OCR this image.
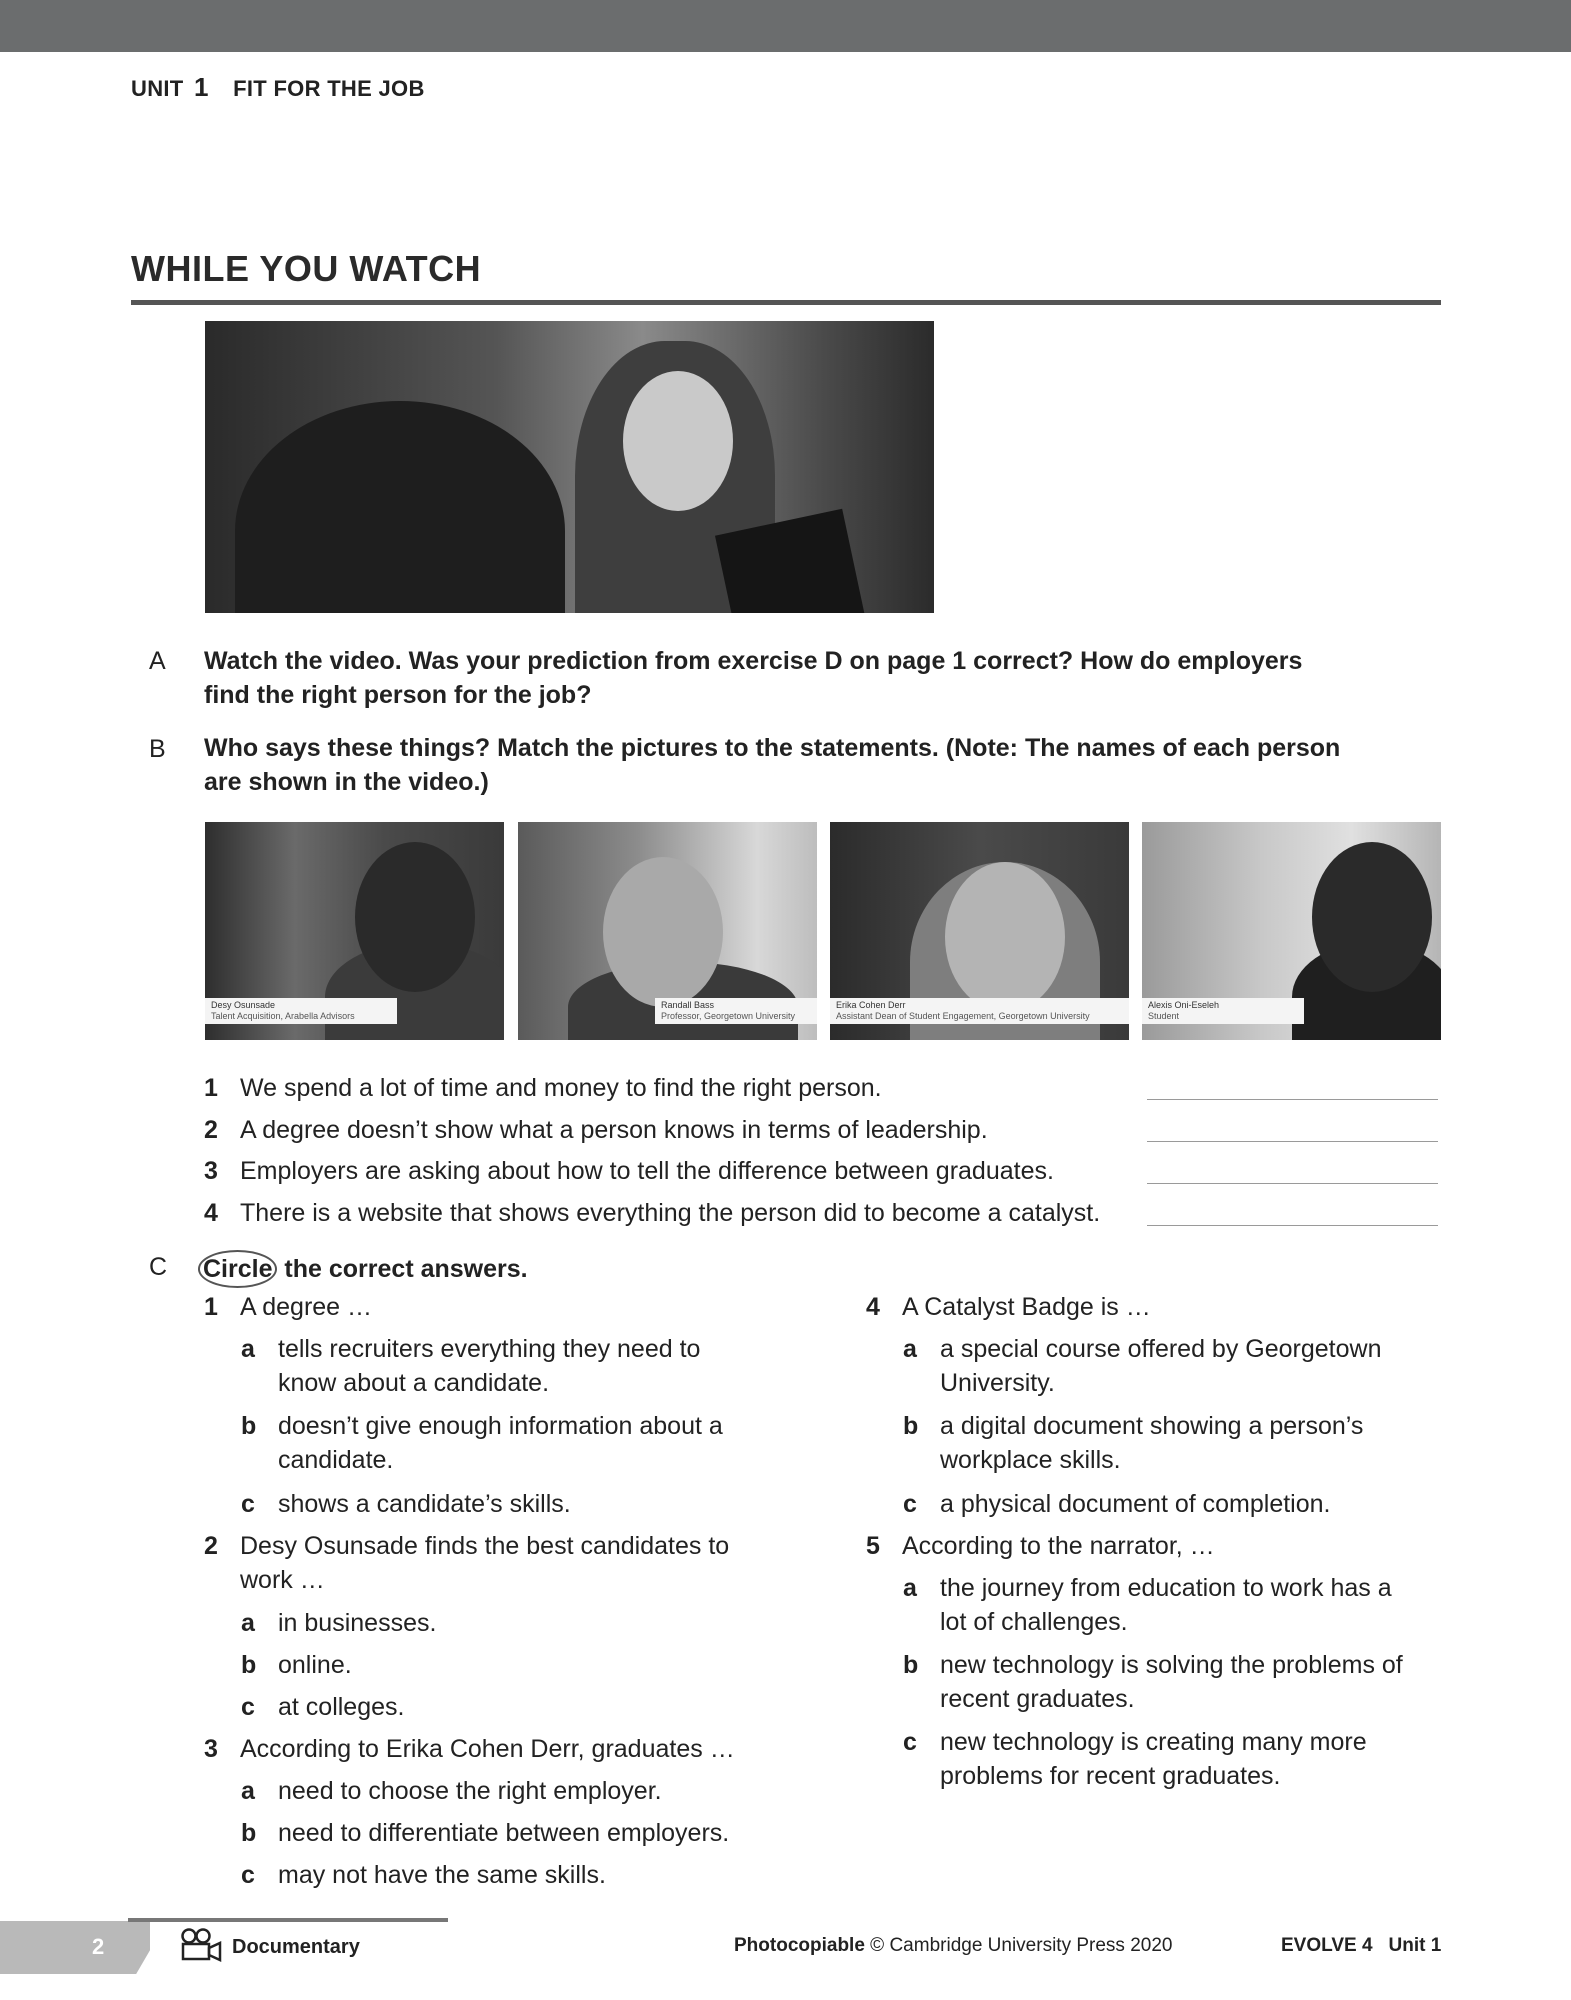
UNIT 1 FIT FOR THE JOB
WHILE YOU WATCH
A Watch the video. Was your prediction from exercise D on page 1 correct? How do employers find the right person for the job?
B Who says these things? Match the pictures to the statements. (Note: The names of each person are shown in the video.)
Desy Osunsade
Talent Acquisition, Arabella Advisors
Randall Bass
Professor, Georgetown University
Erika Cohen Derr
Assistant Dean of Student Engagement, Georgetown University
Alexis Oni-Eseleh
Student
1 We spend a lot of time and money to find the right person.
2 A degree doesn’t show what a person knows in terms of leadership.
3 Employers are asking about how to tell the difference between graduates.
4 There is a website that shows everything the person did to become a catalyst.
C Circle the correct answers.
1 A degree …
a tells recruiters everything they need to know about a candidate.
b doesn’t give enough information about a candidate.
c shows a candidate’s skills.
2 Desy Osunsade finds the best candidates to work …
a in businesses.
b online.
c at colleges.
3 According to Erika Cohen Derr, graduates …
a need to choose the right employer.
b need to differentiate between employers.
c may not have the same skills.
4 A Catalyst Badge is …
a a special course offered by Georgetown University.
b a digital document showing a person’s workplace skills.
c a physical document of completion.
5 According to the narrator, …
a the journey from education to work has a lot of challenges.
b new technology is solving the problems of recent graduates.
c new technology is creating many more problems for recent graduates.
2	Documentary	Photocopiable © Cambridge University Press 2020	EVOLVE 4 Unit 1
